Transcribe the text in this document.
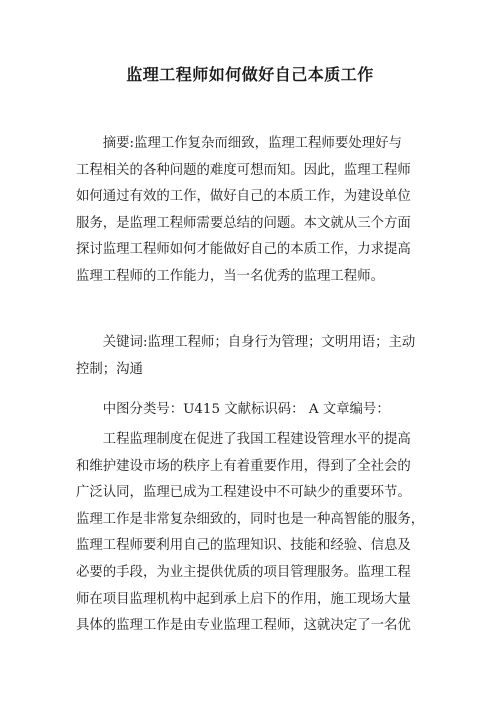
监理工程师如何做好自己本质工作
　　摘要:监理工作复杂而细致，监理工程师要处理好与
工程相关的各种问题的难度可想而知。因此，监理工程师
如何通过有效的工作，做好自己的本质工作，为建设单位
服务，是监理工程师需要总结的问题。本文就从三个方面
探讨监理工程师如何才能做好自己的本质工作，力求提高
监理工程师的工作能力，当一名优秀的监理工程师。
　　关键词:监理工程师；自身行为管理；文明用语；主动
控制；沟通
　　中图分类号：U415 文献标识码： A 文章编号：
　　工程监理制度在促进了我国工程建设管理水平的提高
和维护建设市场的秩序上有着重要作用，得到了全社会的
广泛认同，监理已成为工程建设中不可缺少的重要环节。
监理工作是非常复杂细致的，同时也是一种高智能的服务，
监理工程师要利用自己的监理知识、技能和经验、信息及
必要的手段，为业主提供优质的项目管理服务。监理工程
师在项目监理机构中起到承上启下的作用，施工现场大量
具体的监理工作是由专业监理工程师，这就决定了一名优
